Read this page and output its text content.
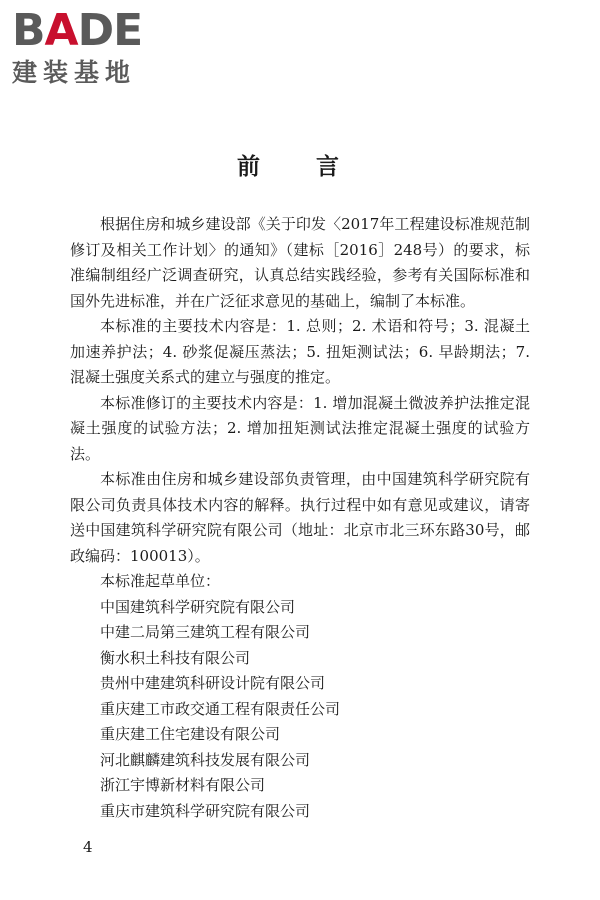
BADE
建装基地
前 言

根据住房和城乡建设部《关于印发〈2017年工程建设标准规范制修订及相关工作计划〉的通知》（建标［2016］248号）的要求，标准编制组经广泛调查研究，认真总结实践经验，参考有关国际标准和国外先进标准，并在广泛征求意见的基础上，编制了本标准。

本标准的主要技术内容是：1. 总则；2. 术语和符号；3. 混凝土加速养护法；4. 砂浆促凝压蒸法；5. 扭矩测试法；6. 早龄期法；7. 混凝土强度关系式的建立与强度的推定。

本标准修订的主要技术内容是：1. 增加混凝土微波养护法推定混凝土强度的试验方法；2. 增加扭矩测试法推定混凝土强度的试验方法。

本标准由住房和城乡建设部负责管理，由中国建筑科学研究院有限公司负责具体技术内容的解释。执行过程中如有意见或建议，请寄送中国建筑科学研究院有限公司（地址：北京市北三环东路30号，邮政编码：100013）。

本标准起草单位：

中国建筑科学研究院有限公司
中建二局第三建筑工程有限公司
衡水积土科技有限公司
贵州中建建筑科研设计院有限公司
重庆建工市政交通工程有限责任公司
重庆建工住宅建设有限公司
河北麒麟建筑科技发展有限公司
浙江宇博新材料有限公司
重庆市建筑科学研究院有限公司
4
